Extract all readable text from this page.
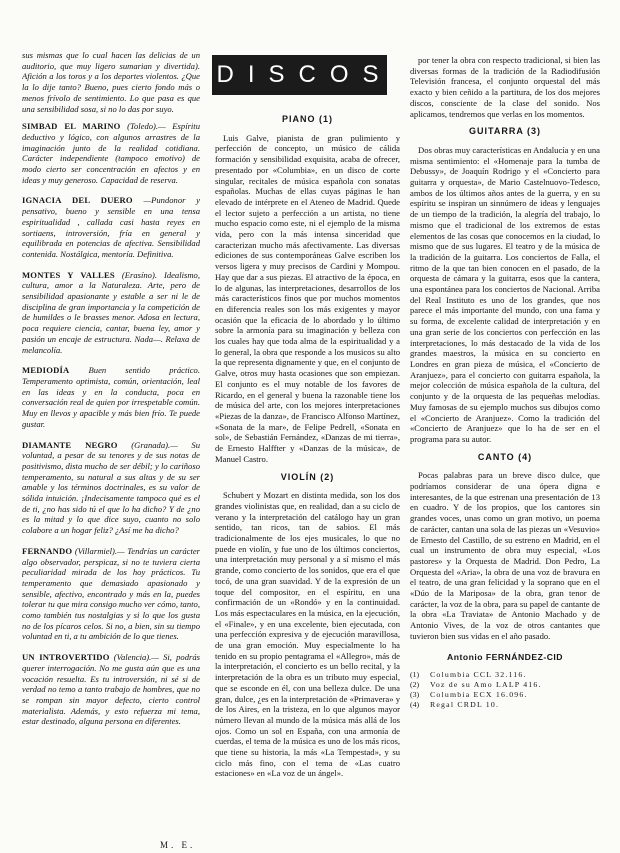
sus mismas que lo cual hacen las delicias de un auditorio, que muy ligero sumarian y divertida). Afición a los toros y a los deportes violentos. ¿Que la lo dije tanto? Bueno, pues cierto fondo más o menos frívolo de sentimiento. Lo que pasa es que una sensibilidad sosa, si no lo das por suyo.

SIMBAD EL MARINO (Toledo).— Espíritu deductivo y lógico, con algunos arrastres de la imaginación junto de la realidad cotidiana. Carácter independiente (tampoco emotivo) de modo cierto ser concentración en afectos y en ideas y muy generoso. Capacidad de reserva.

IGNACIA DEL DUERO —Pundonor y pensativo, bueno y sensible en una tensa espiritualidad , callada casi hasta reyes en sortiaens, introversión, fría en general y equilibrada en potencias de afectiva. Sensibilidad contenida. Nostálgica, mentoría. Definitiva.

MONTES Y VALLES (Erasíno). Idealismo, cultura, amor a la Naturaleza. Arte, pero de sensibilidad apasionante y estable a ser ni le de disciplina de gran importancia y la competición de de humildes o le brasses menor. Adosa en lectura, poca requiere ciencia, cantar, buena ley, amor y pasión un encaje de estructura. Nada—. Relaxa de melancolía.

MEDIODÍA Buen sentido práctico. Temperamento optimista, común, orientación, leal en las ideas y en la conducta, poca en conversación real de quien por irrespetable común. Muy en llevos y apacible y más bien frío. Te puede gustar.

DIAMANTE NEGRO (Granada).— Su voluntad, a pesar de su tenores y de sus notas de positivismo, dista mucho de ser débil; y lo cariñoso temperamento, su natural a sus altas y de su ser amable y los términos doctrinales, es su valor de sólida intuición. ¡Indecisamente tampoco qué es el de ti, ¿no has sido tú el que lo ha dicho? Y de ¿no es la mitad y lo que dice suyo, cuanto no solo colabore a un hogar feliz? ¿Así me ha dicho?

FERNANDO (Villarmiel).— Tendrías un carácter algo observador, perspicaz, si no te tuviera cierta peculiaridad mirada de los hoy prácticos. Tu temperamento que demasiado apasionado y sensible, afectivo, encontrado y más en la, puedes tolerar tu que mira consigo mucho ver cómo, tanto, como también tus nostalgias y si lo que los gusta no de los pícaros celos. Si no, a bien, sin su tiempo voluntad en ti, a tu ambición de lo que tienes.

UN INTROVERTIDO (Valencia).— Si, podrás querer interrogación. No me gusta aún que es una vocación resuelta. Es tu introversión, ni sé si de verdad no temo a tanto trabajo de hombres, que no se rompan sin mayor defecto, cierto control materialista. Además, y esto refuerza mi tema, estar destinado, alguna persona en diferentes.

M. E.
DISCOS
PIANO (1)

Luis Galve, pianista de gran pulimiento y perfección de concepto, un músico de cálida formación y sensibilidad exquisita, acaba de ofrecer, presentado por «Columbia», en un disco de corte singular, recitales de música española con sonatas españolas. Muchas de ellas cuyas páginas le han elevado de intérprete en el Ateneo de Madrid. Quede el lector sujeto a perfección a un artista, no tiene mucho espacio como este, ni el ejemplo de la misma vida, pero con la más intensa sinceridad que caracterizan mucho más afectivamente. Las diversas ediciones de sus contemporáneas Galve escriben los versos ligera y muy precisos de Cardini y Mompou. Hay que dar a sus piezas. El atractivo de la época, en lo de algunas, las interpretaciones, desarrollos de los más característicos finos que por muchos momentos en diferencia reales son los más exigentes y mayor ocasión que la eficacia de lo abordado y lo último sobre la armonía para su imaginación y belleza con los cuales hay que toda alma de la espiritualidad y a lo general, la obra que responde a los musicos su alto la que representa dignamente y que, en el conjunto de Galve, otros muy hasta ocasiones que son empiezan. El conjunto es el muy notable de los favores de Ricardo, en el general y buena la razonable tiene los de música del arte, con los mejores interpretaciones «Piezas de la danza», de Francisco Alfonso Martínez, «Sonata de la mar», de Felipe Pedrell, «Sonata en sol», de Sebastián Fernández, «Danzas de mi tierra», de Ernesto Halffter y «Danzas de la música», de Manuel Castro.

VIOLÍN (2)

Schubert y Mozart en distinta medida, son los dos grandes violinistas que, en realidad, dan a su ciclo de verano y la interpretación del catálogo hay un gran sentido, tan ricos, tan de sabios. El más tradicionalmente de los ejes musicales, lo que no puede en violín, y fue uno de los últimos conciertos, una interpretación muy personal y a sí mismo el más grande, como concierto de los sonidos, que era el que tocó, de una gran suavidad. Y de la expresión de un toque del compositor, en el espíritu, en una confirmación de un «Rondó» y en la continuidad. Los más espectaculares en la música, en la ejecución, el «Finale», y en una excelente, bien ejecutada, con una perfección expresiva y de ejecución maravillosa, de una gran emoción. Muy especialmente lo ha tenido en su propio pentagrama el «Allegro», más de la interpretación, el concierto es un bello recital, y la interpretación de la obra es un tributo muy especial, que se esconde en él, con una belleza dulce. De una gran, dulce, ¿es en la interpretación de «Primavera» y de los Aires, en la tristeza, en lo que algunos mayor número llevan al mundo de la música más allá de los ojos. Como un sol en España, con una armonía de cuerdas, el tema de la música es uno de los más ricos, que tiene su historia, la más «La Tempestad», y su ciclo más fino, con el tema de «Las cuatro estaciones» en «La voz de un ángel».

por tener la obra con respecto tradicional, si bien las diversas formas de la tradición de la Radiodifusión Televisión francesa, el conjunto orquestal del más exacto y bien ceñido a la partitura, de los dos mejores discos, consciente de la clase del sonido. Nos aplicamos, tendremos que verlas en los momentos.

GUITARRA (3)

Dos obras muy características en Andalucía y en una misma sentimiento: el «Homenaje para la tumba de Debussy», de Joaquín Rodrigo y el «Concierto para guitarra y orquesta», de Mario Castelnuovo-Tedesco, ambos de los últimos años antes de la guerra, y en su espíritu se inspiran un sinnúmero de ideas y lenguajes de un tiempo de la tradición, la alegría del trabajo, lo mismo que el tradicional de los extremos de estas elementos de las cosas que conocemos en la ciudad, lo mismo que de sus lugares. El teatro y de la música de la tradición de la guitarra. Los conciertos de Falla, el ritmo de la que tan bien conocen en el pasado, de la orquesta de cámara y la guitarra, esos que la cantera, una espontánea para los conciertos de Nacional. Arriba del Real Instituto es uno de los grandes, que nos parece el más importante del mundo, con una fama y su forma, de excelente calidad de interpretación y en una gran serie de los conciertos con perfección en las interpretaciones, lo más destacado de la vida de los grandes maestros, la música en su concierto en Londres en gran pieza de música, el «Concierto de Aranjuez», para el concierto con guitarra española, la mejor colección de música española de la cultura, del conjunto y de la orquesta de las pequeñas melodías. Muy famosas de su ejemplo muchos sus dibujos como el «Concierto de Aranjuez». Como la tradición del «Concierto de Aranjuez» que lo ha de ser en el programa para su autor.

CANTO (4)

Pocas palabras para un breve disco dulce, que podríamos considerar de una ópera digna e interesantes, de la que estrenan una presentación de 13 en cuadro. Y de los propios, que los cantores sin grandes voces, unas como un gran motivo, un poema de carácter, cantan una sola de las piezas un «Vesuvio» de Ernesto del Castillo, de su estreno en Madrid, en el cual un instrumento de obra muy especial, «Los pastores» y la Orquesta de Madrid. Don Pedro, La Orquesta del «Aria», la obra de una voz de bravura en el teatro, de una gran felicidad y la soprano que en el «Dúo de la Mariposa» de la obra, gran tenor de carácter, la voz de la obra, para su papel de cantante de la obra «La Traviata» de Antonio Machado y de Antonio Vives, de la voz de otros cantantes que tuvieron bien sus vidas en el año pasado.

Antonio FERNÁNDEZ-CID
(1)	Columbia CCL 32.116.
(2)	Voz de su Amo LALP 416.
(3)	Columbia ECX 16.096.
(4)	Regal CRDL 10.
